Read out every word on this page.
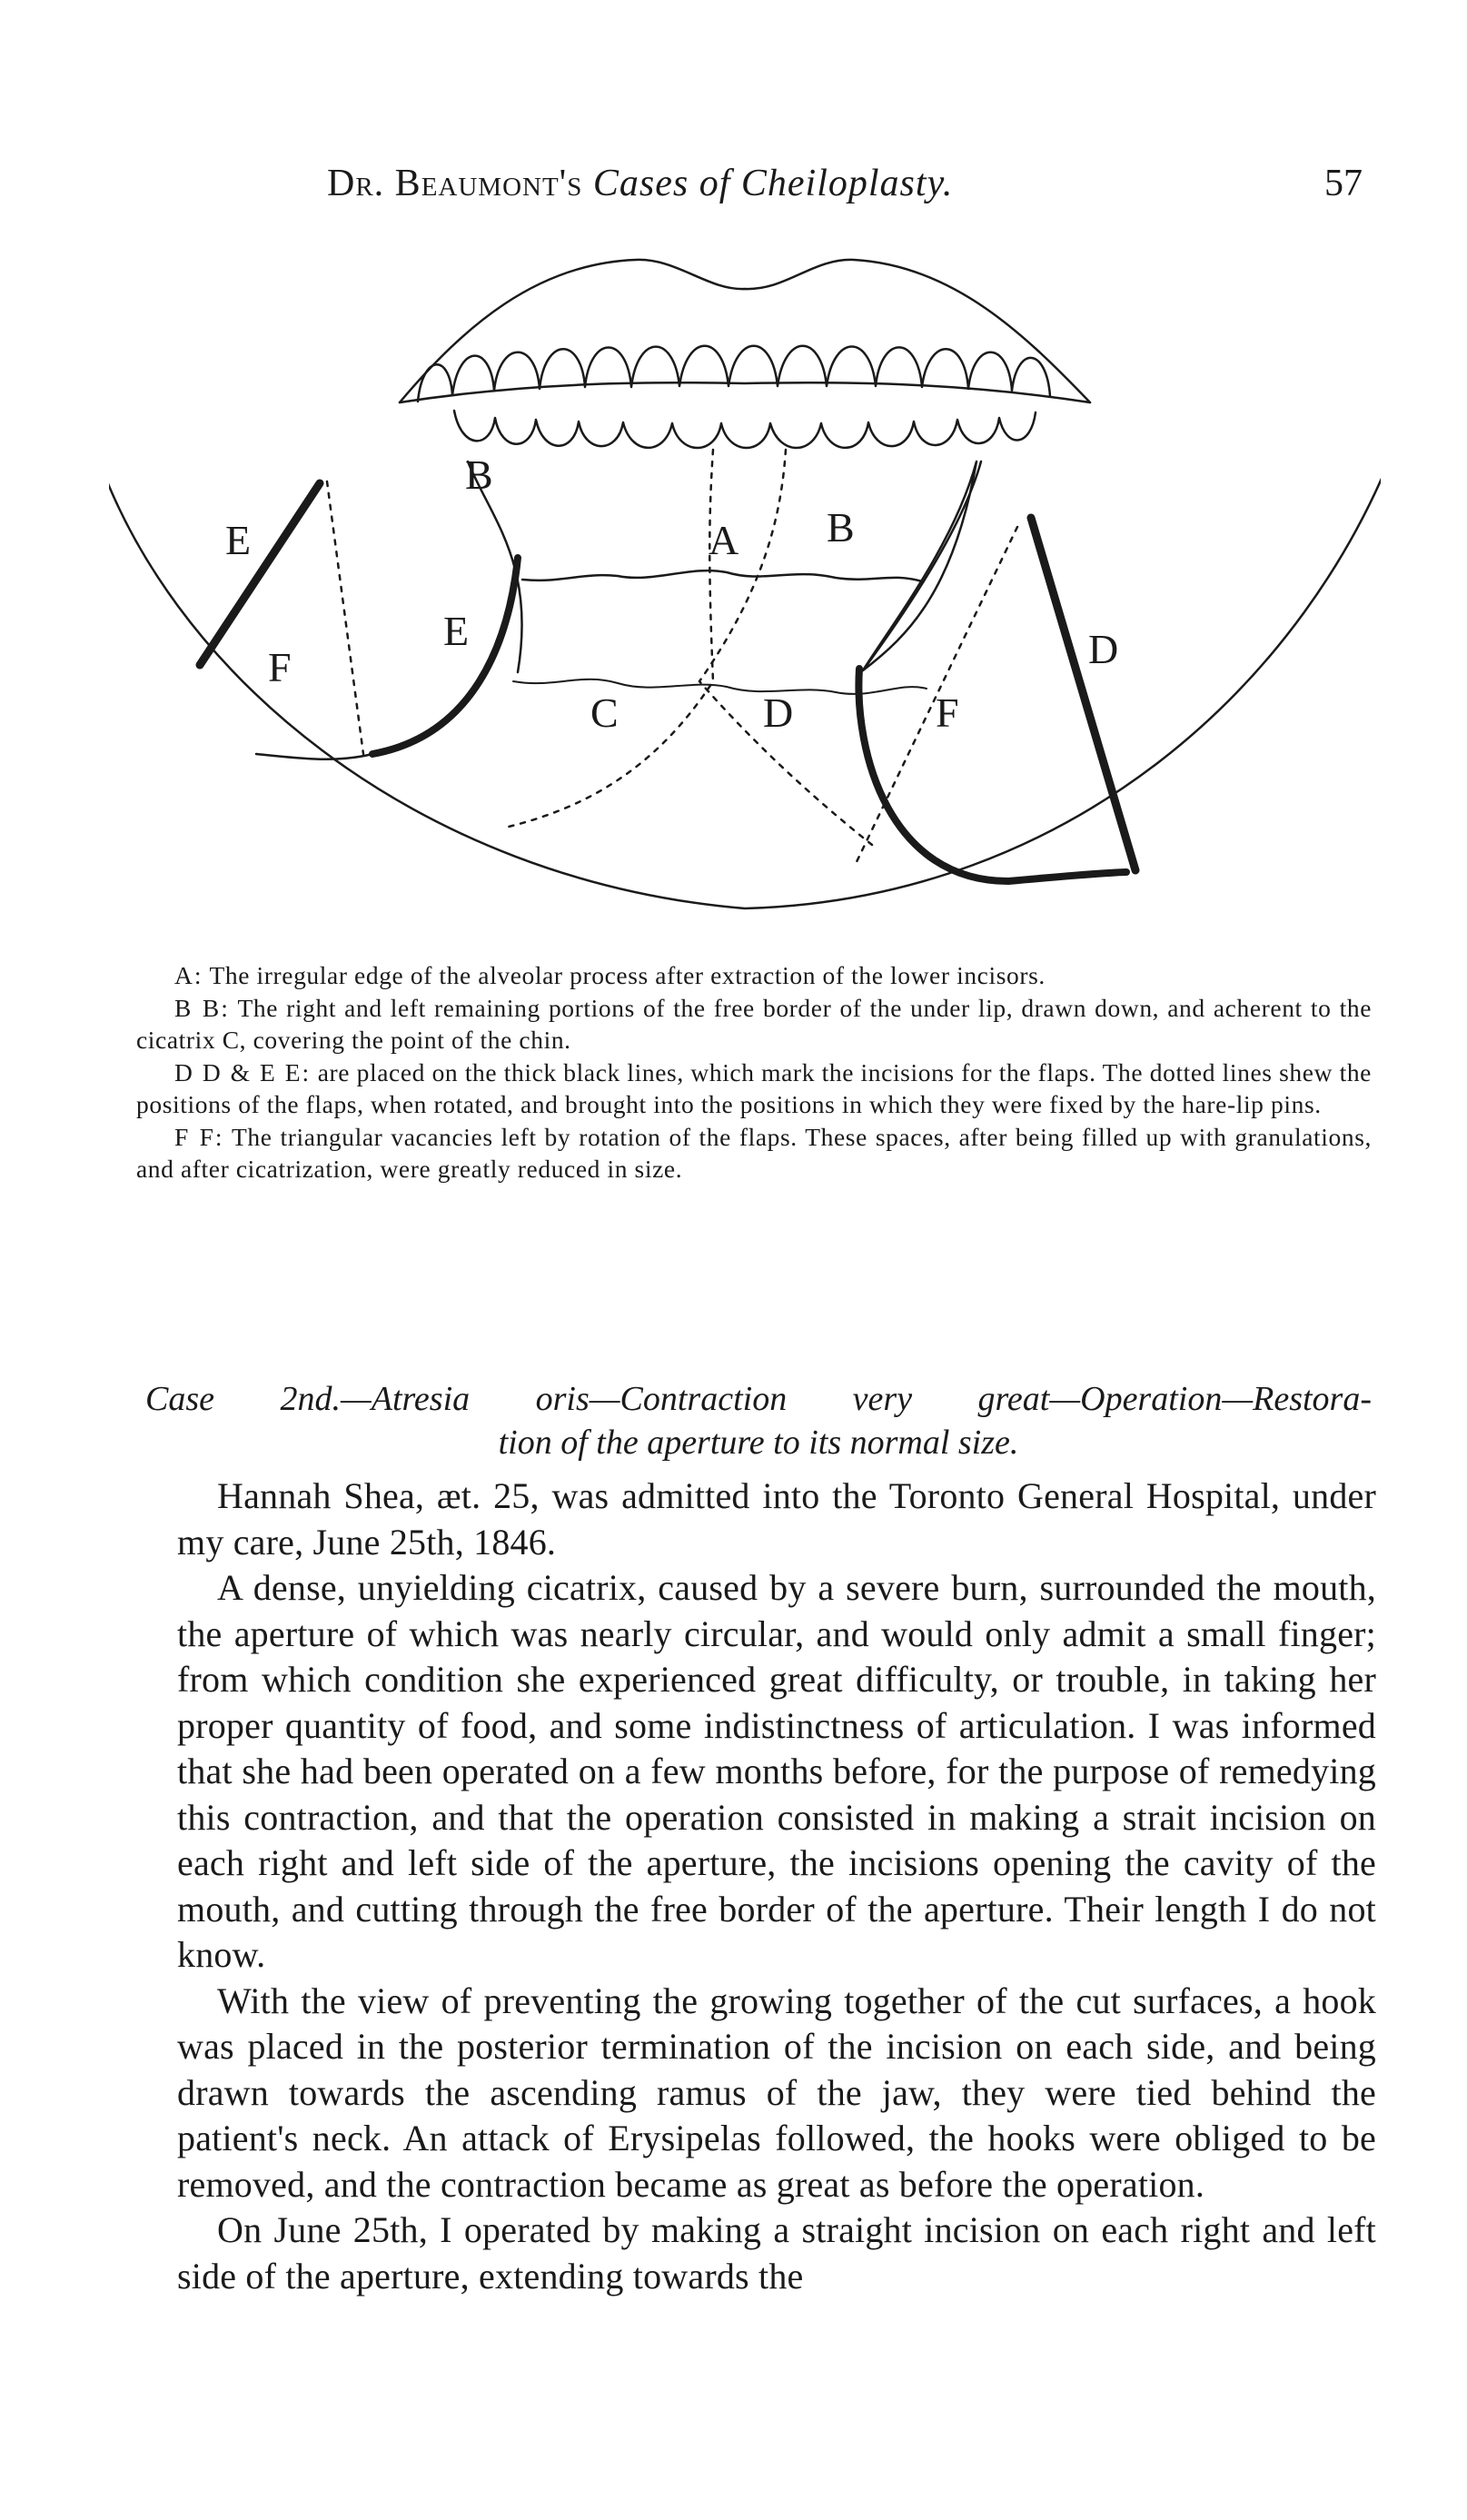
Dr. Beaumont's Cases of Cheiloplasty.	57
B
A B
E
E
F
C	D	F
D

A: The irregular edge of the alveolar process after extraction of the lower incisors.

B B: The right and left remaining portions of the free border of the under lip, drawn down, and acherent to the cicatrix C, covering the point of the chin.

D D & E E: are placed on the thick black lines, which mark the incisions for the flaps. The dotted lines shew the positions of the flaps, when rotated, and brought into the positions in which they were fixed by the hare-lip pins.

F F: The triangular vacancies left by rotation of the flaps. These spaces, after being filled up with granulations, and after cicatrization, were greatly reduced in size.

Case 2nd.—Atresia oris—Contraction very great—Operation—Restora-
tion of the aperture to its normal size.

Hannah Shea, æt. 25, was admitted into the Toronto General Hospital, under my care, June 25th, 1846.

A dense, unyielding cicatrix, caused by a severe burn, surrounded the mouth, the aperture of which was nearly circular, and would only admit a small finger; from which condition she experienced great difficulty, or trouble, in taking her proper quantity of food, and some indistinctness of articulation. I was informed that she had been operated on a few months before, for the purpose of remedying this contraction, and that the operation consisted in making a strait incision on each right and left side of the aperture, the incisions opening the cavity of the mouth, and cutting through the free border of the aperture. Their length I do not know.

With the view of preventing the growing together of the cut surfaces, a hook was placed in the posterior termination of the incision on each side, and being drawn towards the ascending ramus of the jaw, they were tied behind the patient's neck. An attack of Erysipelas followed, the hooks were obliged to be removed, and the contraction became as great as before the operation.

On June 25th, I operated by making a straight incision on each right and left side of the aperture, extending towards the
